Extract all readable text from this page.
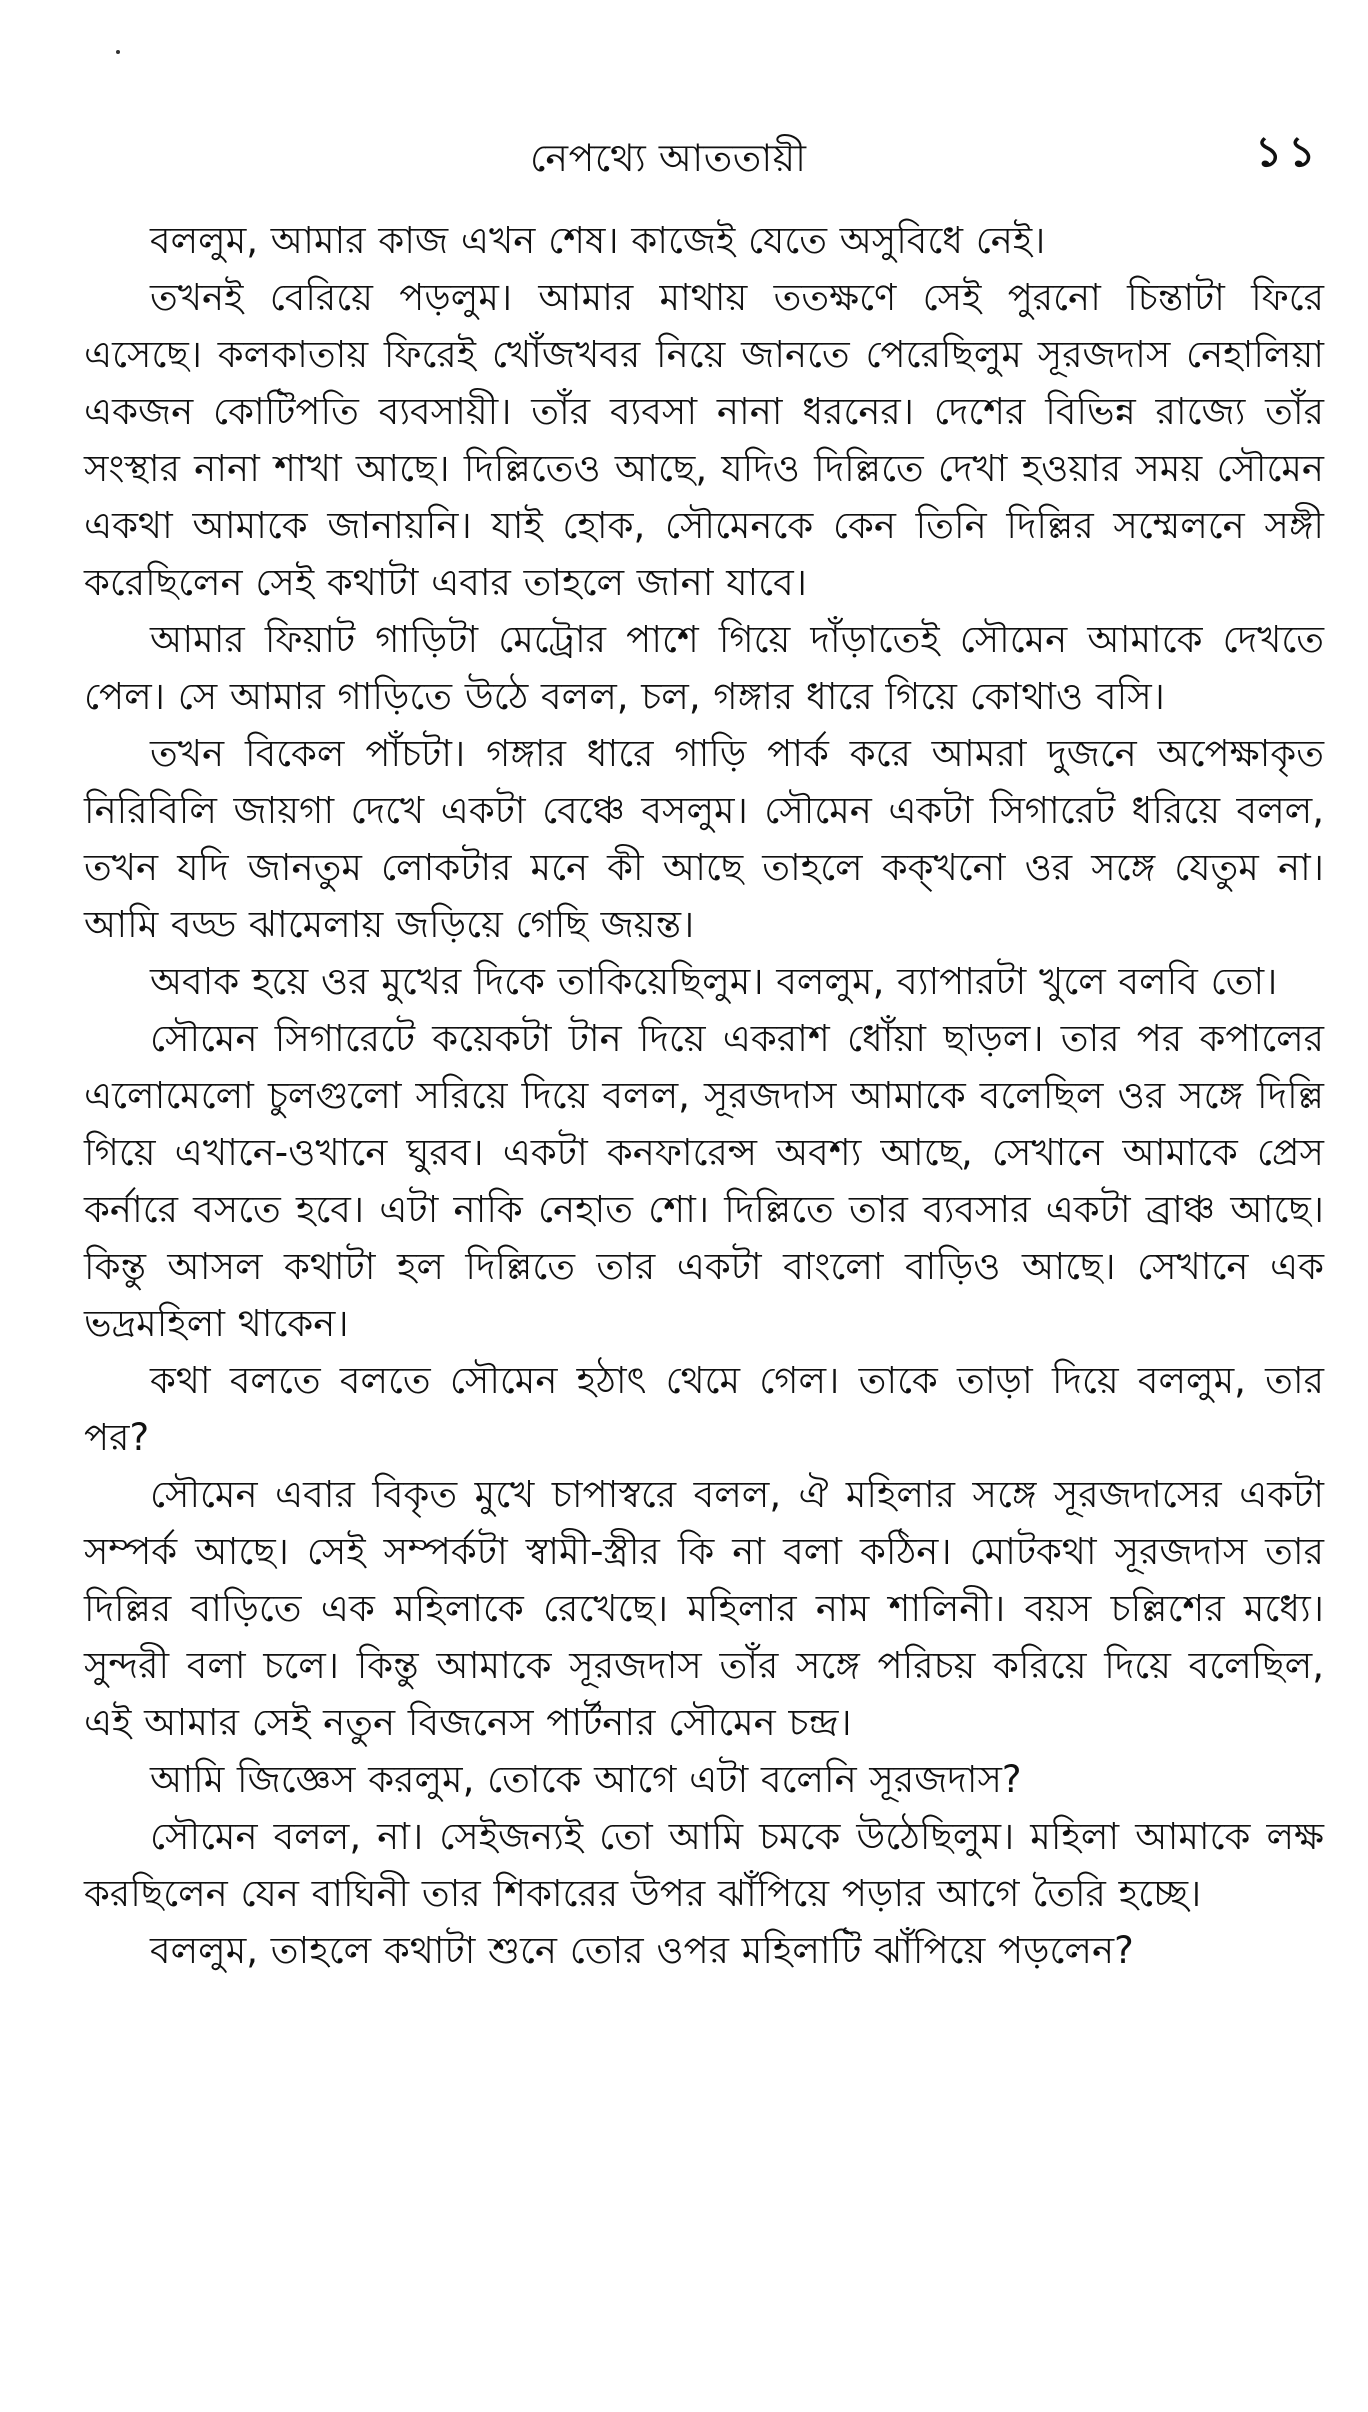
নেপথ্যে আততায়ী	১১

বললুম, আমার কাজ এখন শেষ। কাজেই যেতে অসুবিধে নেই।

তখনই বেরিয়ে পড়লুম। আমার মাথায় ততক্ষণে সেই পুরনো চিন্তাটা ফিরে এসেছে। কলকাতায় ফিরেই খোঁজখবর নিয়ে জানতে পেরেছিলুম সূরজদাস নেহালিয়া একজন কোটিপতি ব্যবসায়ী। তাঁর ব্যবসা নানা ধরনের। দেশের বিভিন্ন রাজ্যে তাঁর সংস্থার নানা শাখা আছে। দিল্লিতেও আছে, যদিও দিল্লিতে দেখা হওয়ার সময় সৌমেন একথা আমাকে জানায়নি। যাই হোক, সৌমেনকে কেন তিনি দিল্লির সম্মেলনে সঙ্গী করেছিলেন সেই কথাটা এবার তাহলে জানা যাবে।

আমার ফিয়াট গাড়িটা মেট্রোর পাশে গিয়ে দাঁড়াতেই সৌমেন আমাকে দেখতে পেল। সে আমার গাড়িতে উঠে বলল, চল, গঙ্গার ধারে গিয়ে কোথাও বসি।

তখন বিকেল পাঁচটা। গঙ্গার ধারে গাড়ি পার্ক করে আমরা দুজনে অপেক্ষাকৃত নিরিবিলি জায়গা দেখে একটা বেঞ্চে বসলুম। সৌমেন একটা সিগারেট ধরিয়ে বলল, তখন যদি জানতুম লোকটার মনে কী আছে তাহলে কক্খনো ওর সঙ্গে যেতুম না। আমি বড্ড ঝামেলায় জড়িয়ে গেছি জয়ন্ত।

অবাক হয়ে ওর মুখের দিকে তাকিয়েছিলুম। বললুম, ব্যাপারটা খুলে বলবি তো।

সৌমেন সিগারেটে কয়েকটা টান দিয়ে একরাশ ধোঁয়া ছাড়ল। তার পর কপালের এলোমেলো চুলগুলো সরিয়ে দিয়ে বলল, সূরজদাস আমাকে বলেছিল ওর সঙ্গে দিল্লি গিয়ে এখানে-ওখানে ঘুরব। একটা কনফারেন্স অবশ্য আছে, সেখানে আমাকে প্রেস কর্নারে বসতে হবে। এটা নাকি নেহাত শো। দিল্লিতে তার ব্যবসার একটা ব্রাঞ্চ আছে। কিন্তু আসল কথাটা হল দিল্লিতে তার একটা বাংলো বাড়িও আছে। সেখানে এক ভদ্রমহিলা থাকেন।

কথা বলতে বলতে সৌমেন হঠাৎ থেমে গেল। তাকে তাড়া দিয়ে বললুম, তার পর?

সৌমেন এবার বিকৃত মুখে চাপাস্বরে বলল, ঐ মহিলার সঙ্গে সূরজদাসের একটা সম্পর্ক আছে। সেই সম্পর্কটা স্বামী-স্ত্রীর কি না বলা কঠিন। মোটকথা সূরজদাস তার দিল্লির বাড়িতে এক মহিলাকে রেখেছে। মহিলার নাম শালিনী। বয়স চল্লিশের মধ্যে। সুন্দরী বলা চলে। কিন্তু আমাকে সূরজদাস তাঁর সঙ্গে পরিচয় করিয়ে দিয়ে বলেছিল, এই আমার সেই নতুন বিজনেস পার্টনার সৌমেন চন্দ্র।

আমি জিজ্ঞেস করলুম, তোকে আগে এটা বলেনি সূরজদাস?

সৌমেন বলল, না। সেইজন্যই তো আমি চমকে উঠেছিলুম। মহিলা আমাকে লক্ষ করছিলেন যেন বাঘিনী তার শিকারের উপর ঝাঁপিয়ে পড়ার আগে তৈরি হচ্ছে।

বললুম, তাহলে কথাটা শুনে তোর ওপর মহিলাটি ঝাঁপিয়ে পড়লেন?
